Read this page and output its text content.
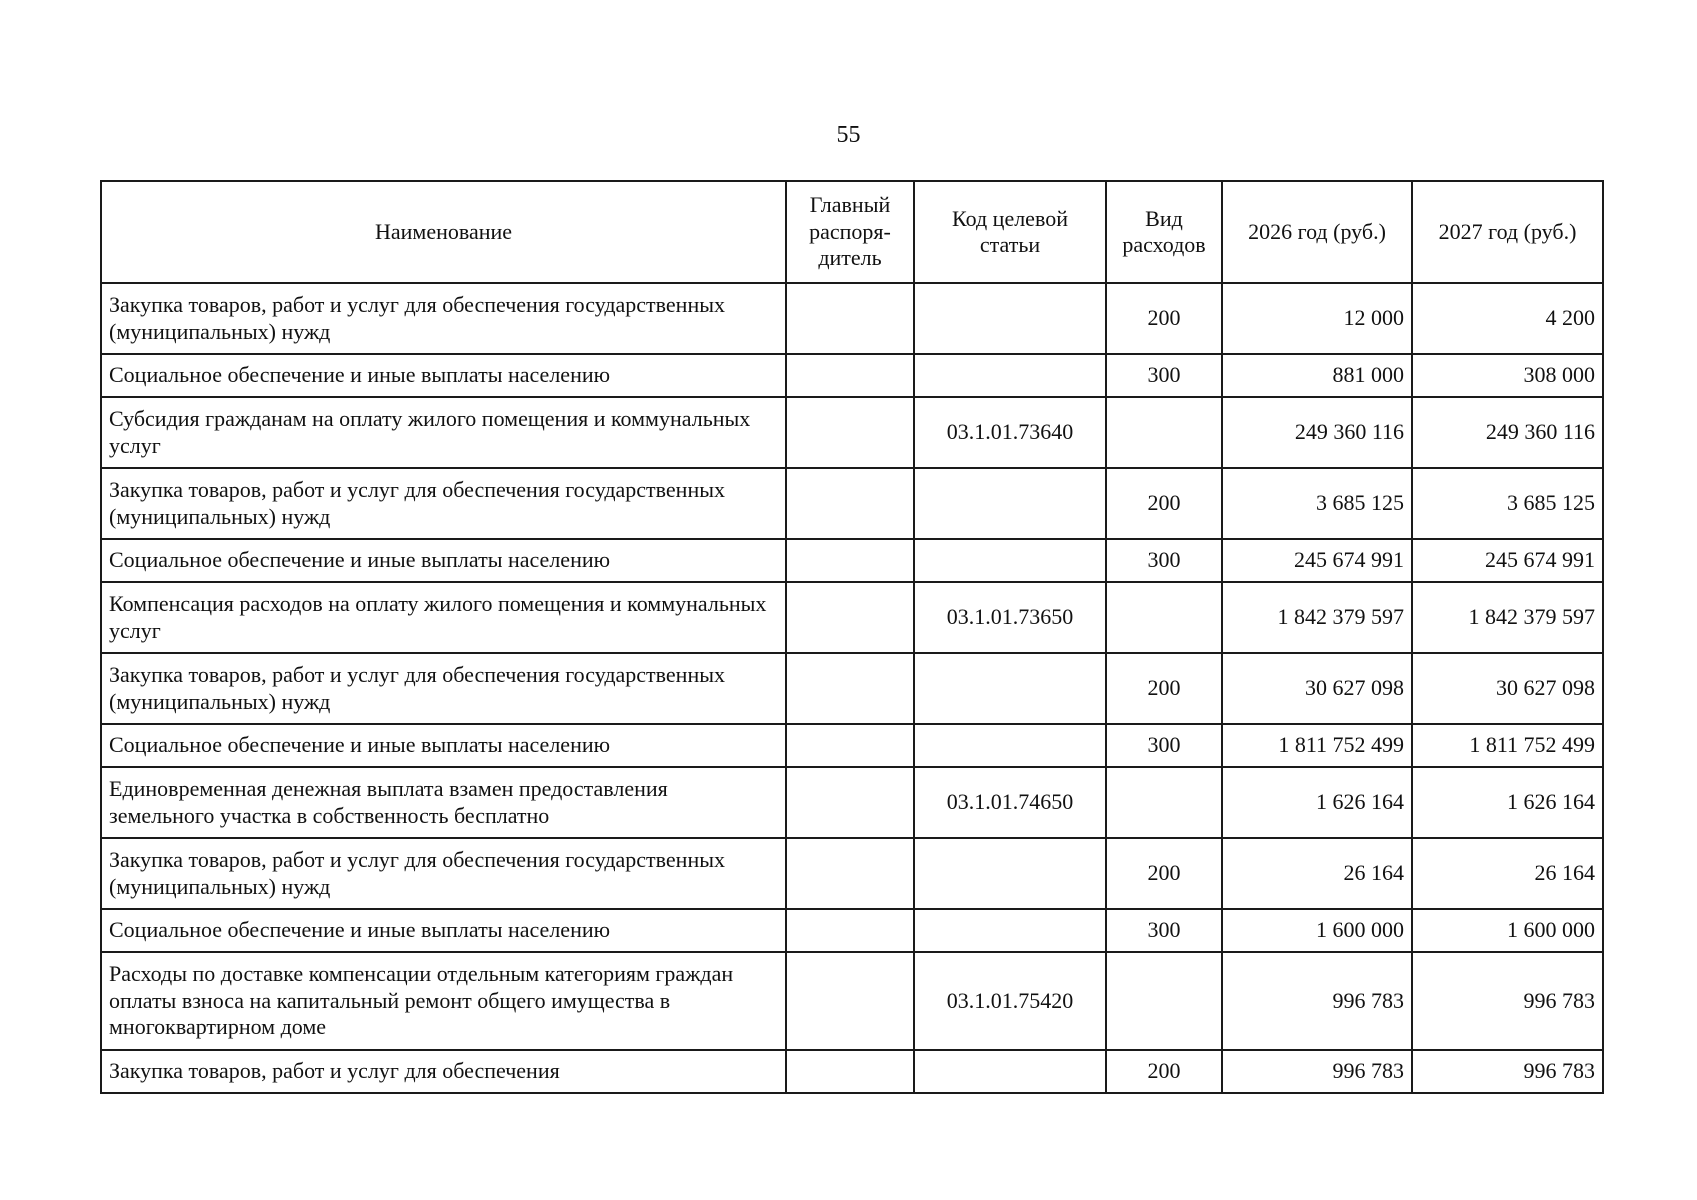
55
Наименование	Главный распоря-дитель	Код целевой статьи	Вид расходов	2026 год (руб.)	2027 год (руб.)
Закупка товаров, работ и услуг для обеспечения государственных (муниципальных) нужд			200	12 000	4 200
Социальное обеспечение и иные выплаты населению			300	881 000	308 000
Субсидия гражданам на оплату жилого помещения и коммунальных услуг		03.1.01.73640		249 360 116	249 360 116
Закупка товаров, работ и услуг для обеспечения государственных (муниципальных) нужд			200	3 685 125	3 685 125
Социальное обеспечение и иные выплаты населению			300	245 674 991	245 674 991
Компенсация расходов на оплату жилого помещения и коммунальных услуг		03.1.01.73650		1 842 379 597	1 842 379 597
Закупка товаров, работ и услуг для обеспечения государственных (муниципальных) нужд			200	30 627 098	30 627 098
Социальное обеспечение и иные выплаты населению			300	1 811 752 499	1 811 752 499
Единовременная денежная выплата взамен предоставления земельного участка в собственность бесплатно		03.1.01.74650		1 626 164	1 626 164
Закупка товаров, работ и услуг для обеспечения государственных (муниципальных) нужд			200	26 164	26 164
Социальное обеспечение и иные выплаты населению			300	1 600 000	1 600 000
Расходы по доставке компенсации отдельным категориям граждан оплаты взноса на капитальный ремонт общего имущества в многоквартирном доме		03.1.01.75420		996 783	996 783
Закупка товаров, работ и услуг для обеспечения			200	996 783	996 783
